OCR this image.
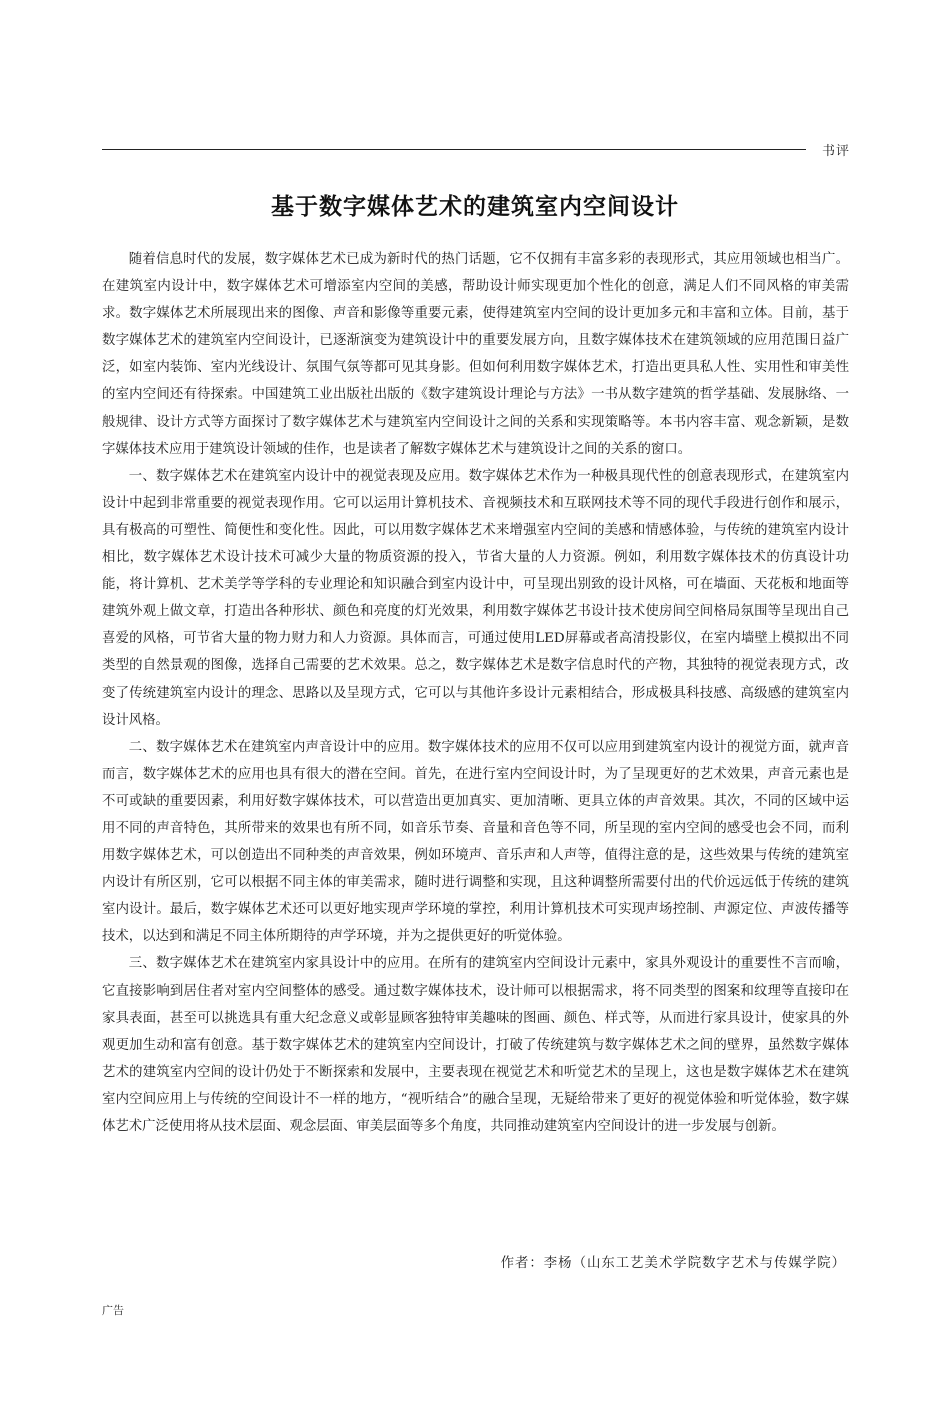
书评
基于数字媒体艺术的建筑室内空间设计

随着信息时代的发展，数字媒体艺术已成为新时代的热门话题，它不仅拥有丰富多彩的表现形式，其应用领域也相当广。在建筑室内设计中，数字媒体艺术可增添室内空间的美感，帮助设计师实现更加个性化的创意，满足人们不同风格的审美需求。数字媒体艺术所展现出来的图像、声音和影像等重要元素，使得建筑室内空间的设计更加多元和丰富和立体。目前，基于数字媒体艺术的建筑室内空间设计，已逐渐演变为建筑设计中的重要发展方向，且数字媒体技术在建筑领域的应用范围日益广泛，如室内装饰、室内光线设计、氛围气氛等都可见其身影。但如何利用数字媒体艺术，打造出更具私人性、实用性和审美性的室内空间还有待探索。中国建筑工业出版社出版的《数字建筑设计理论与方法》一书从数字建筑的哲学基础、发展脉络、一般规律、设计方式等方面探讨了数字媒体艺术与建筑室内空间设计之间的关系和实现策略等。本书内容丰富、观念新颖，是数字媒体技术应用于建筑设计领域的佳作，也是读者了解数字媒体艺术与建筑设计之间的关系的窗口。

一、数字媒体艺术在建筑室内设计中的视觉表现及应用。数字媒体艺术作为一种极具现代性的创意表现形式，在建筑室内设计中起到非常重要的视觉表现作用。它可以运用计算机技术、音视频技术和互联网技术等不同的现代手段进行创作和展示，具有极高的可塑性、简便性和变化性。因此，可以用数字媒体艺术来增强室内空间的美感和情感体验，与传统的建筑室内设计相比，数字媒体艺术设计技术可减少大量的物质资源的投入，节省大量的人力资源。例如，利用数字媒体技术的仿真设计功能，将计算机、艺术美学等学科的专业理论和知识融合到室内设计中，可呈现出别致的设计风格，可在墙面、天花板和地面等建筑外观上做文章，打造出各种形状、颜色和亮度的灯光效果，利用数字媒体艺书设计技术使房间空间格局氛围等呈现出自己喜爱的风格，可节省大量的物力财力和人力资源。具体而言，可通过使用LED屏幕或者高清投影仪，在室内墙壁上模拟出不同类型的自然景观的图像，选择自己需要的艺术效果。总之，数字媒体艺术是数字信息时代的产物，其独特的视觉表现方式，改变了传统建筑室内设计的理念、思路以及呈现方式，它可以与其他许多设计元素相结合，形成极具科技感、高级感的建筑室内设计风格。

二、数字媒体艺术在建筑室内声音设计中的应用。数字媒体技术的应用不仅可以应用到建筑室内设计的视觉方面，就声音而言，数字媒体艺术的应用也具有很大的潜在空间。首先，在进行室内空间设计时，为了呈现更好的艺术效果，声音元素也是不可或缺的重要因素，利用好数字媒体技术，可以营造出更加真实、更加清晰、更具立体的声音效果。其次，不同的区域中运用不同的声音特色，其所带来的效果也有所不同，如音乐节奏、音量和音色等不同，所呈现的室内空间的感受也会不同，而利用数字媒体艺术，可以创造出不同种类的声音效果，例如环境声、音乐声和人声等，值得注意的是，这些效果与传统的建筑室内设计有所区别，它可以根据不同主体的审美需求，随时进行调整和实现，且这种调整所需要付出的代价远远低于传统的建筑室内设计。最后，数字媒体艺术还可以更好地实现声学环境的掌控，利用计算机技术可实现声场控制、声源定位、声波传播等技术，以达到和满足不同主体所期待的声学环境，并为之提供更好的听觉体验。

三、数字媒体艺术在建筑室内家具设计中的应用。在所有的建筑室内空间设计元素中，家具外观设计的重要性不言而喻，它直接影响到居住者对室内空间整体的感受。通过数字媒体技术，设计师可以根据需求，将不同类型的图案和纹理等直接印在家具表面，甚至可以挑选具有重大纪念意义或彰显顾客独特审美趣味的图画、颜色、样式等，从而进行家具设计，使家具的外观更加生动和富有创意。基于数字媒体艺术的建筑室内空间设计，打破了传统建筑与数字媒体艺术之间的壁界，虽然数字媒体艺术的建筑室内空间的设计仍处于不断探索和发展中，主要表现在视觉艺术和听觉艺术的呈现上，这也是数字媒体艺术在建筑室内空间应用上与传统的空间设计不一样的地方，“视听结合”的融合呈现，无疑给带来了更好的视觉体验和听觉体验，数字媒体艺术广泛使用将从技术层面、观念层面、审美层面等多个角度，共同推动建筑室内空间设计的进一步发展与创新。

作者：李杨（山东工艺美术学院数字艺术与传媒学院）
广告
